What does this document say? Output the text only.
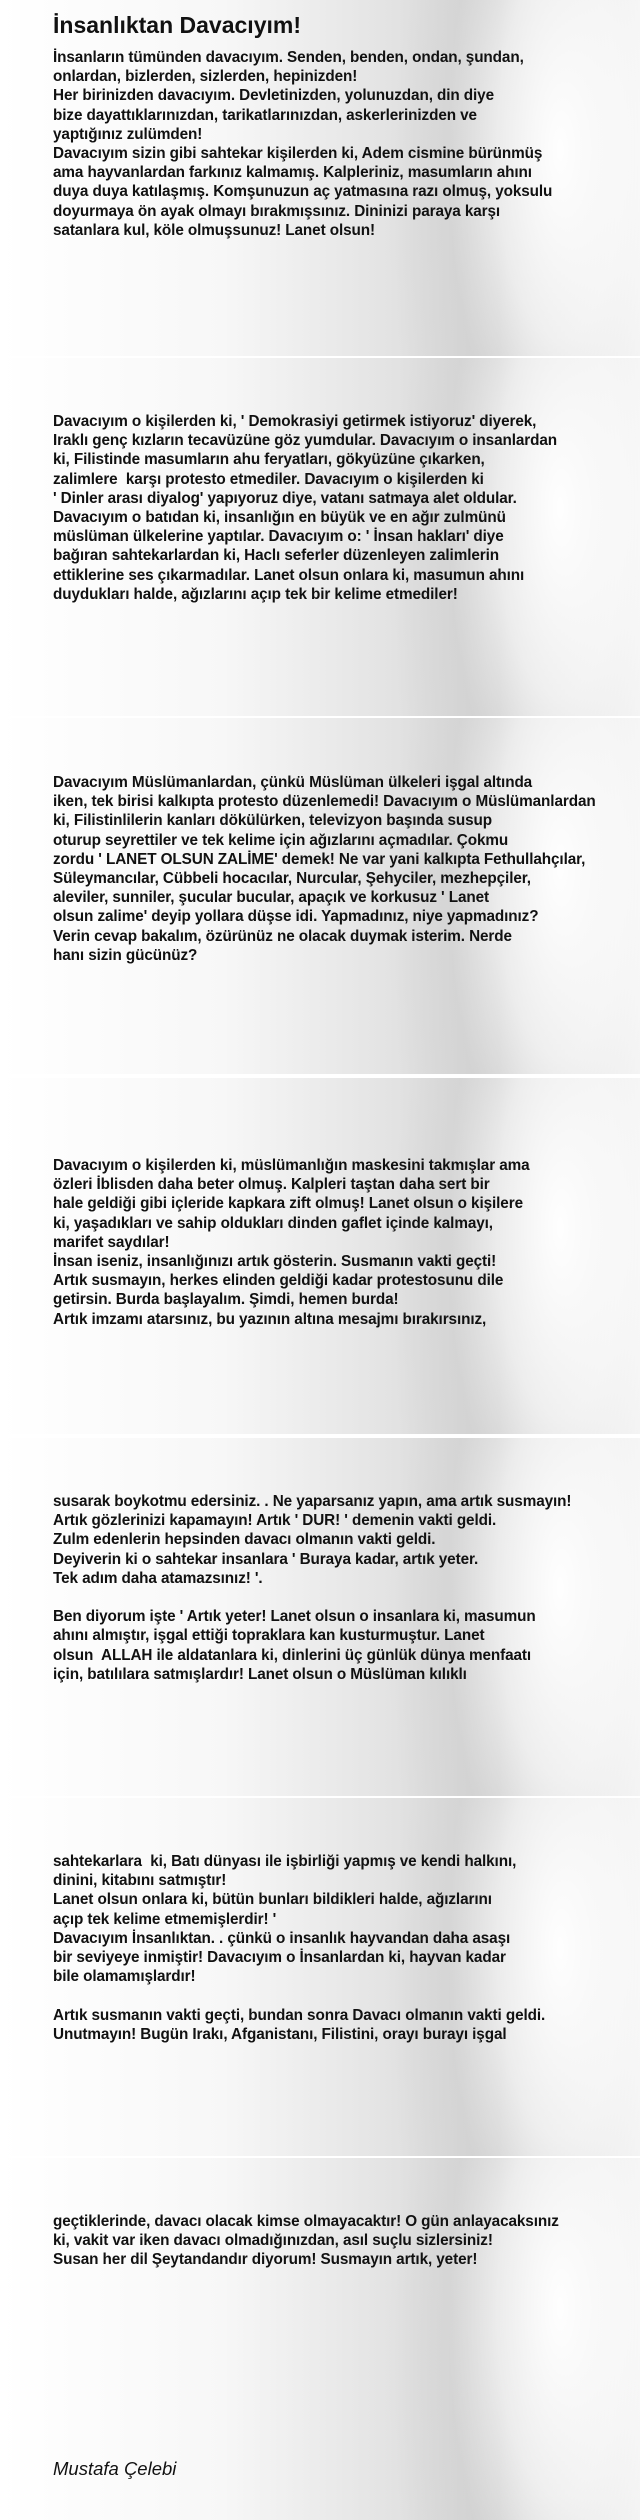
İnsanlıktan Davacıyım!
İnsanların tümünden davacıyım. Senden, benden, ondan, şundan,
onlardan, bizlerden, sizlerden, hepinizden!
Her birinizden davacıyım. Devletinizden, yolunuzdan, din diye
bize dayattıklarınızdan, tarikatlarınızdan, askerlerinizden ve
yaptığınız zulümden!
Davacıyım sizin gibi sahtekar kişilerden ki, Adem cismine bürünmüş
ama hayvanlardan farkınız kalmamış. Kalpleriniz, masumların ahını
duya duya katılaşmış. Komşunuzun aç yatmasına razı olmuş, yoksulu
doyurmaya ön ayak olmayı bırakmışsınız. Dininizi paraya karşı
satanlara kul, köle olmuşsunuz! Lanet olsun!
Davacıyım o kişilerden ki, ' Demokrasiyi getirmek istiyoruz' diyerek,
Iraklı genç kızların tecavüzüne göz yumdular. Davacıyım o insanlardan
ki, Filistinde masumların ahu feryatları, gökyüzüne çıkarken,
zalimlere  karşı protesto etmediler. Davacıyım o kişilerden ki
' Dinler arası diyalog' yapıyoruz diye, vatanı satmaya alet oldular.
Davacıyım o batıdan ki, insanlığın en büyük ve en ağır zulmünü
müslüman ülkelerine yaptılar. Davacıyım o: ' İnsan hakları' diye
bağıran sahtekarlardan ki, Haclı seferler düzenleyen zalimlerin
ettiklerine ses çıkarmadılar. Lanet olsun onlara ki, masumun ahını
duydukları halde, ağızlarını açıp tek bir kelime etmediler!
Davacıyım Müslümanlardan, çünkü Müslüman ülkeleri işgal altında
iken, tek birisi kalkıpta protesto düzenlemedi! Davacıyım o Müslümanlardan
ki, Filistinlilerin kanları dökülürken, televizyon başında susup
oturup seyrettiler ve tek kelime için ağızlarını açmadılar. Çokmu
zordu ' LANET OLSUN ZALİME' demek! Ne var yani kalkıpta Fethullahçılar,
Süleymancılar, Cübbeli hocacılar, Nurcular, Şehyciler, mezhepçiler,
aleviler, sunniler, şucular bucular, apaçık ve korkusuz ' Lanet
olsun zalime' deyip yollara düşse idi. Yapmadınız, niye yapmadınız?
Verin cevap bakalım, özürünüz ne olacak duymak isterim. Nerde
hanı sizin gücünüz?
Davacıyım o kişilerden ki, müslümanlığın maskesini takmışlar ama
özleri İblisden daha beter olmuş. Kalpleri taştan daha sert bir
hale geldiği gibi içleride kapkara zift olmuş! Lanet olsun o kişilere
ki, yaşadıkları ve sahip oldukları dinden gaflet içinde kalmayı,
marifet saydılar!
İnsan iseniz, insanlığınızı artık gösterin. Susmanın vakti geçti!
Artık susmayın, herkes elinden geldiği kadar protestosunu dile
getirsin. Burda başlayalım. Şimdi, hemen burda!
Artık imzamı atarsınız, bu yazının altına mesajmı bırakırsınız,
susarak boykotmu edersiniz. . Ne yaparsanız yapın, ama artık susmayın!
Artık gözlerinizi kapamayın! Artık ' DUR! ' demenin vakti geldi.
Zulm edenlerin hepsinden davacı olmanın vakti geldi.
Deyiverin ki o sahtekar insanlara ' Buraya kadar, artık yeter.
Tek adım daha atamazsınız! '.

Ben diyorum işte ' Artık yeter! Lanet olsun o insanlara ki, masumun
ahını almıştır, işgal ettiği topraklara kan kusturmuştur. Lanet
olsun  ALLAH ile aldatanlara ki, dinlerini üç günlük dünya menfaatı
için, batılılara satmışlardır! Lanet olsun o Müslüman kılıklı
sahtekarlara  ki, Batı dünyası ile işbirliği yapmış ve kendi halkını,
dinini, kitabını satmıştır!
Lanet olsun onlara ki, bütün bunları bildikleri halde, ağızlarını
açıp tek kelime etmemişlerdir! '
Davacıyım İnsanlıktan. . çünkü o insanlık hayvandan daha asaşı
bir seviyeye inmiştir! Davacıyım o İnsanlardan ki, hayvan kadar
bile olamamışlardır!

Artık susmanın vakti geçti, bundan sonra Davacı olmanın vakti geldi.
Unutmayın! Bugün Irakı, Afganistanı, Filistini, orayı burayı işgal
geçtiklerinde, davacı olacak kimse olmayacaktır! O gün anlayacaksınız
ki, vakit var iken davacı olmadığınızdan, asıl suçlu sizlersiniz!
Susan her dil Şeytandandır diyorum! Susmayın artık, yeter!
Mustafa Çelebi
